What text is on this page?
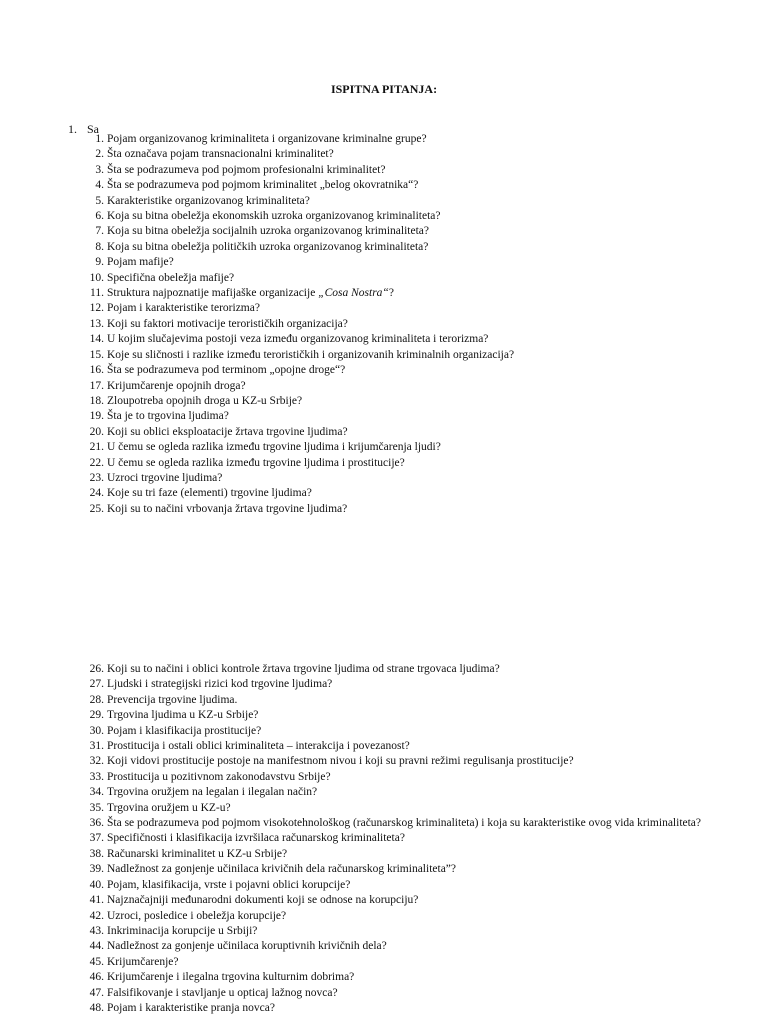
ISPITNA PITANJA:
1. Sa
1. Pojam organizovanog kriminaliteta i organizovane kriminalne grupe?
2. Šta označava pojam transnacionalni kriminalitet?
3. Šta se podrazumeva pod pojmom profesionalni kriminalitet?
4. Šta se podrazumeva pod pojmom kriminalitet „belog okovratnika“?
5. Karakteristike organizovanog kriminaliteta?
6. Koja su bitna obeležja ekonomskih uzroka organizovanog kriminaliteta?
7. Koja su bitna obeležja socijalnih uzroka organizovanog kriminaliteta?
8. Koja su bitna obeležja političkih uzroka organizovanog kriminaliteta?
9. Pojam mafije?
10. Specifična obeležja mafije?
11. Struktura najpoznatije mafijaške organizacije „Cosa Nostra“?
12. Pojam i karakteristike terorizma?
13. Koji su faktori motivacije terorističkih organizacija?
14. U kojim slučajevima postoji veza između organizovanog kriminaliteta i terorizma?
15. Koje su sličnosti i razlike između terorističkih i organizovanih kriminalnih organizacija?
16. Šta se podrazumeva pod terminom „opojne droge“?
17. Krijumčarenje opojnih droga?
18. Zloupotreba opojnih droga u KZ-u Srbije?
19. Šta je to trgovina ljudima?
20. Koji su oblici eksploatacije žrtava trgovine ljudima?
21. U čemu se ogleda razlika između trgovine ljudima i krijumčarenja ljudi?
22. U čemu se ogleda razlika između trgovine ljudima i prostitucije?
23. Uzroci trgovine ljudima?
24. Koje su tri faze (elementi) trgovine ljudima?
25. Koji su to načini vrbovanja žrtava trgovine ljudima?
26. Koji su to načini i oblici kontrole žrtava trgovine ljudima od strane trgovaca ljudima?
27. Ljudski i strategijski rizici kod trgovine ljudima?
28. Prevencija trgovine ljudima.
29. Trgovina ljudima u KZ-u Srbije?
30. Pojam i klasifikacija prostitucije?
31. Prostitucija i ostali oblici kriminaliteta – interakcija i povezanost?
32. Koji vidovi prostitucije postoje na manifestnom nivou i koji su pravni režimi regulisanja prostitucije?
33. Prostitucija u pozitivnom zakonodavstvu Srbije?
34. Trgovina oružjem na legalan i ilegalan način?
35. Trgovina oružjem u KZ-u?
36. Šta se podrazumeva pod pojmom visokotehnološkog (računarskog kriminaliteta) i koja su karakteristike ovog vida kriminaliteta?
37. Specifičnosti i klasifikacija izvršilaca računarskog kriminaliteta?
38. Računarski kriminalitet u KZ-u Srbije?
39. Nadležnost za gonjenje učinilaca krivičnih dela računarskog kriminaliteta”?
40. Pojam, klasifikacija, vrste i pojavni oblici korupcije?
41. Najznačajniji međunarodni dokumenti koji se odnose na korupciju?
42. Uzroci, posledice i obeležja korupcije?
43. Inkriminacija korupcije u Srbiji?
44. Nadležnost za gonjenje učinilaca koruptivnih krivičnih dela?
45. Krijumčarenje?
46. Krijumčarenje i ilegalna trgovina kulturnim dobrima?
47. Falsifikovanje i stavljanje u opticaj lažnog novca?
48. Pojam i karakteristike pranja novca?
